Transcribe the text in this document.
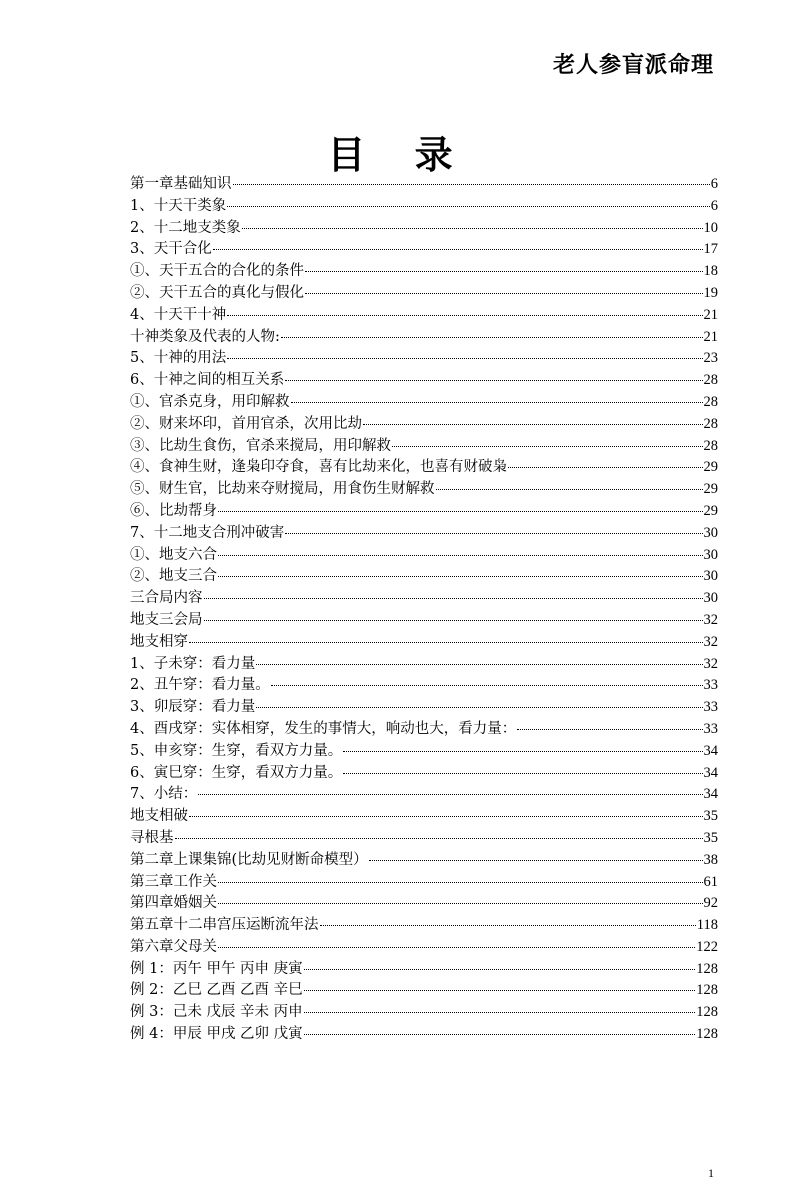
老人参盲派命理
目 录
第一章基础知识	6
1、十天干类象	6
2、十二地支类象	10
3、天干合化	17
①、天干五合的合化的条件	18
②、天干五合的真化与假化	19
4、十天干十神	21
十神类象及代表的人物:	21
5、十神的用法	23
6、十神之间的相互关系	28
①、官杀克身，用印解救	28
②、财来坏印，首用官杀，次用比劫	28
③、比劫生食伤，官杀来搅局，用印解救	28
④、食神生财，逢枭印夺食，喜有比劫来化，也喜有财破枭	29
⑤、财生官，比劫来夺财搅局，用食伤生财解救	29
⑥、比劫帮身	29
7、十二地支合刑冲破害	30
①、地支六合	30
②、地支三合	30
三合局内容	30
地支三会局	32
地支相穿	32
1、子未穿：看力量	32
2、丑午穿：看力量。	33
3、卯辰穿：看力量	33
4、酉戌穿：实体相穿，发生的事情大，响动也大，看力量：	33
5、申亥穿：生穿，看双方力量。	34
6、寅巳穿：生穿，看双方力量。	34
7、小结：	34
地支相破	35
寻根基	35
第二章上课集锦(比劫见财断命模型）	38
第三章工作关	61
第四章婚姻关	92
第五章十二串宫压运断流年法	118
第六章父母关	122
例 1：丙午 甲午 丙申 庚寅	128
例 2：乙巳 乙酉 乙酉 辛巳	128
例 3：己未 戊辰 辛未 丙申	128
例 4：甲辰 甲戌 乙卯 戊寅	128
1
